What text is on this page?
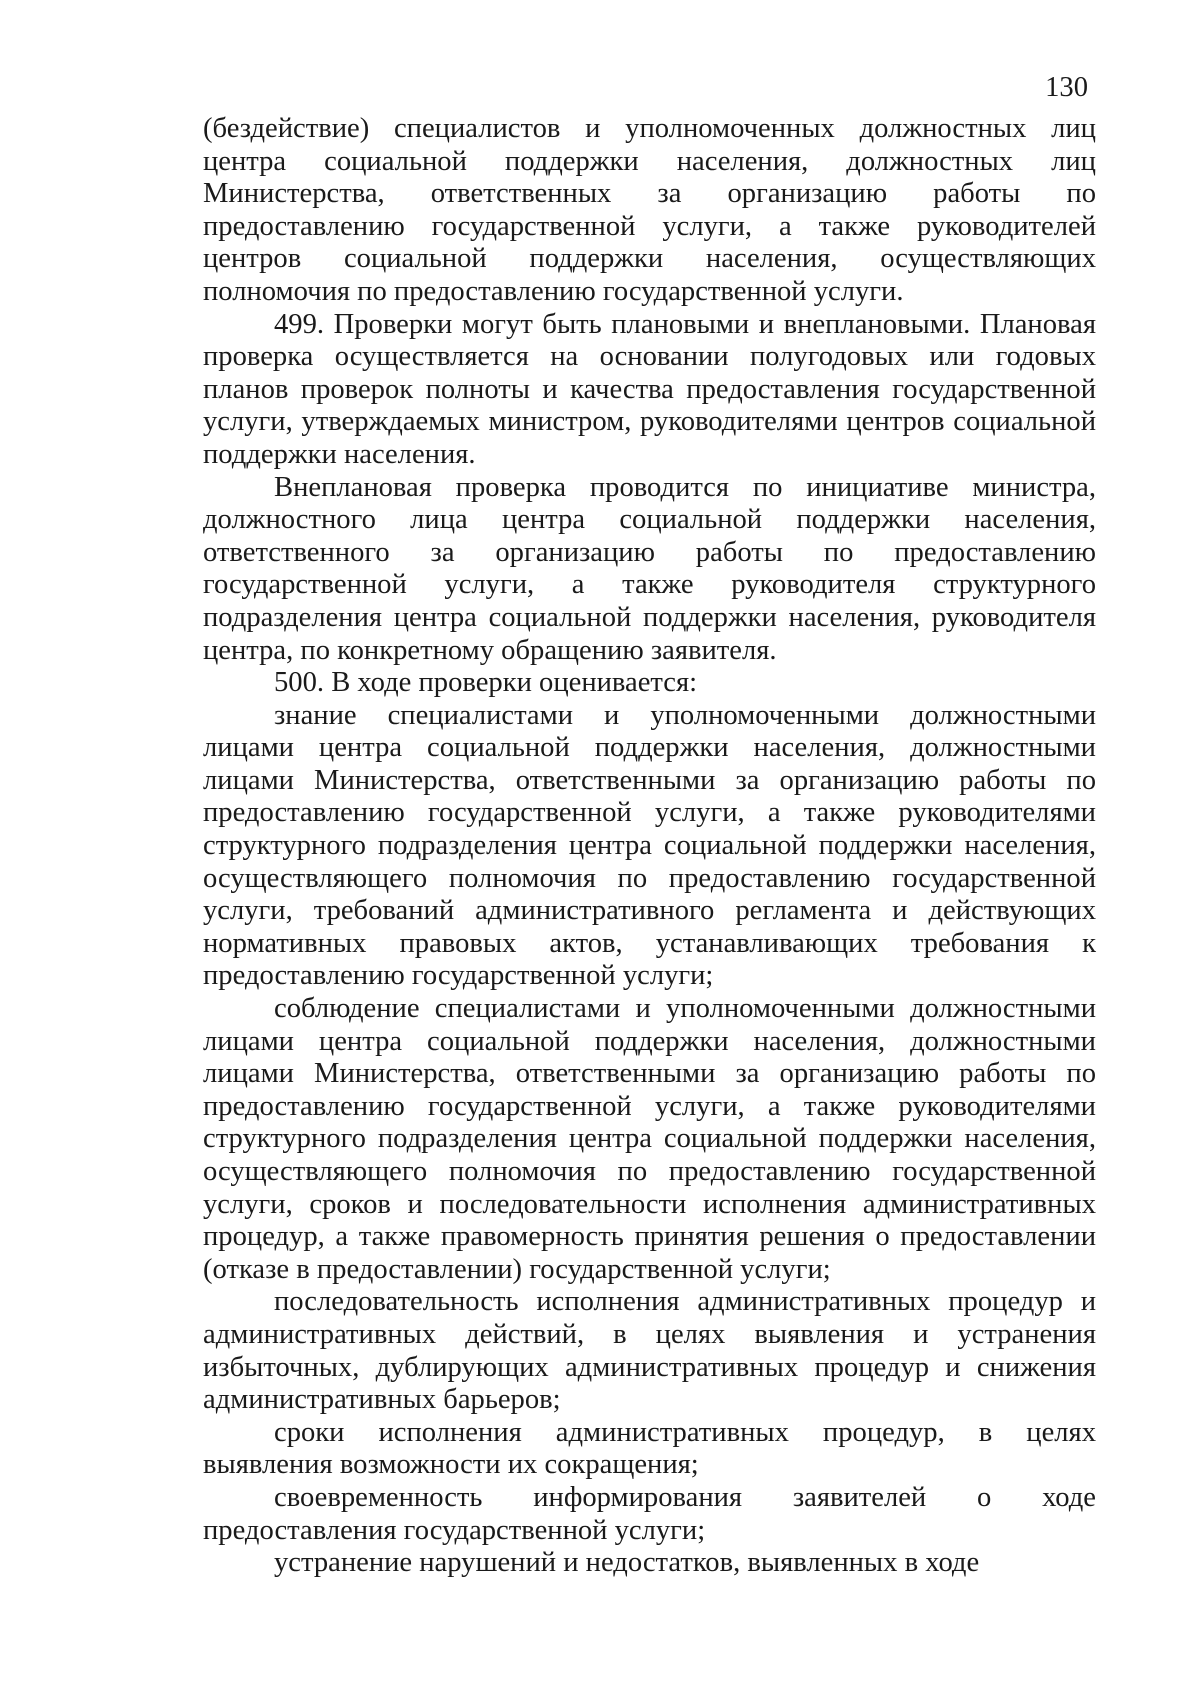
130

(бездействие) специалистов и уполномоченных должностных лиц центра социальной поддержки населения, должностных лиц Министерства, ответственных за организацию работы по предоставлению государственной услуги, а также руководителей центров социальной поддержки населения, осуществляющих полномочия по предоставлению государственной услуги.

499. Проверки могут быть плановыми и внеплановыми. Плановая проверка осуществляется на основании полугодовых или годовых планов проверок полноты и качества предоставления государственной услуги, утверждаемых министром, руководителями центров социальной поддержки населения.

Внеплановая проверка проводится по инициативе министра, должностного лица центра социальной поддержки населения, ответственного за организацию работы по предоставлению государственной услуги, а также руководителя структурного подразделения центра социальной поддержки населения, руководителя центра, по конкретному обращению заявителя.

500. В ходе проверки оценивается:

знание специалистами и уполномоченными должностными лицами центра социальной поддержки населения, должностными лицами Министерства, ответственными за организацию работы по предоставлению государственной услуги, а также руководителями структурного подразделения центра социальной поддержки населения, осуществляющего полномочия по предоставлению государственной услуги, требований административного регламента и действующих нормативных правовых актов, устанавливающих требования к предоставлению государственной услуги;

соблюдение специалистами и уполномоченными должностными лицами центра социальной поддержки населения, должностными лицами Министерства, ответственными за организацию работы по предоставлению государственной услуги, а также руководителями структурного подразделения центра социальной поддержки населения, осуществляющего полномочия по предоставлению государственной услуги, сроков и последовательности исполнения административных процедур, а также правомерность принятия решения о предоставлении (отказе в предоставлении) государственной услуги;

последовательность исполнения административных процедур и административных действий, в целях выявления и устранения избыточных, дублирующих административных процедур и снижения административных барьеров;

сроки исполнения административных процедур, в целях выявления возможности их сокращения;

своевременность информирования заявителей о ходе предоставления государственной услуги;

устранение нарушений и недостатков, выявленных в ходе
